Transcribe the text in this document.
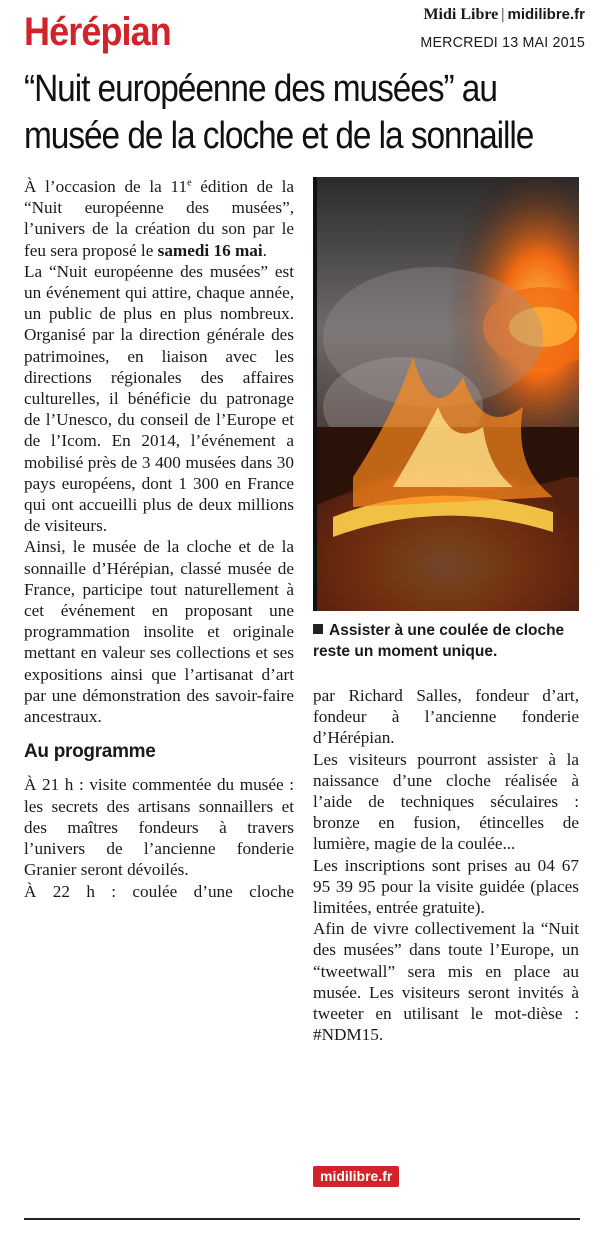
Midi Libre | midilibre.fr
MERCREDI 13 MAI 2015
Hérépian
“Nuit européenne des musées” au
musée de la cloche et de la sonnaille

À l’occasion de la 11e édition de la “Nuit européenne des musées”, l’univers de la création du son par le feu sera proposé le samedi 16 mai.

La “Nuit européenne des musées” est un événement qui attire, chaque année, un public de plus en plus nombreux. Organisé par la direction générale des patrimoines, en liaison avec les directions régionales des affaires culturelles, il bénéficie du patronage de l’Unesco, du conseil de l’Europe et de l’Icom. En 2014, l’événement a mobilisé près de 3 400 musées dans 30 pays européens, dont 1 300 en France qui ont accueilli plus de deux millions de visiteurs.

Ainsi, le musée de la cloche et de la sonnaille d’Hérépian, classé musée de France, participe tout naturellement à cet événement en proposant une programmation insolite et originale mettant en valeur ses collections et ses expositions ainsi que l’artisanat d’art par une démonstration des savoir-faire ancestraux.

Au programme

À 21 h : visite commentée du musée : les secrets des artisans sonnaillers et des maîtres fondeurs à travers l’univers de l’ancienne fonderie Granier seront dévoilés.

À 22 h : coulée d’une cloche

Assister à une coulée de cloche reste un moment unique.

par Richard Salles, fondeur d’art, fondeur à l’ancienne fonderie d’Hérépian.

Les visiteurs pourront assister à la naissance d’une cloche réalisée à l’aide de techniques séculaires : bronze en fusion, étincelles de lumière, magie de la coulée...

Les inscriptions sont prises au 04 67 95 39 95 pour la visite guidée (places limitées, entrée gratuite).

Afin de vivre collectivement la “Nuit des musées” dans toute l’Europe, un “tweetwall” sera mis en place au musée. Les visiteurs seront invités à tweeter en utilisant le mot-dièse : #NDM15.

midilibre.fr
